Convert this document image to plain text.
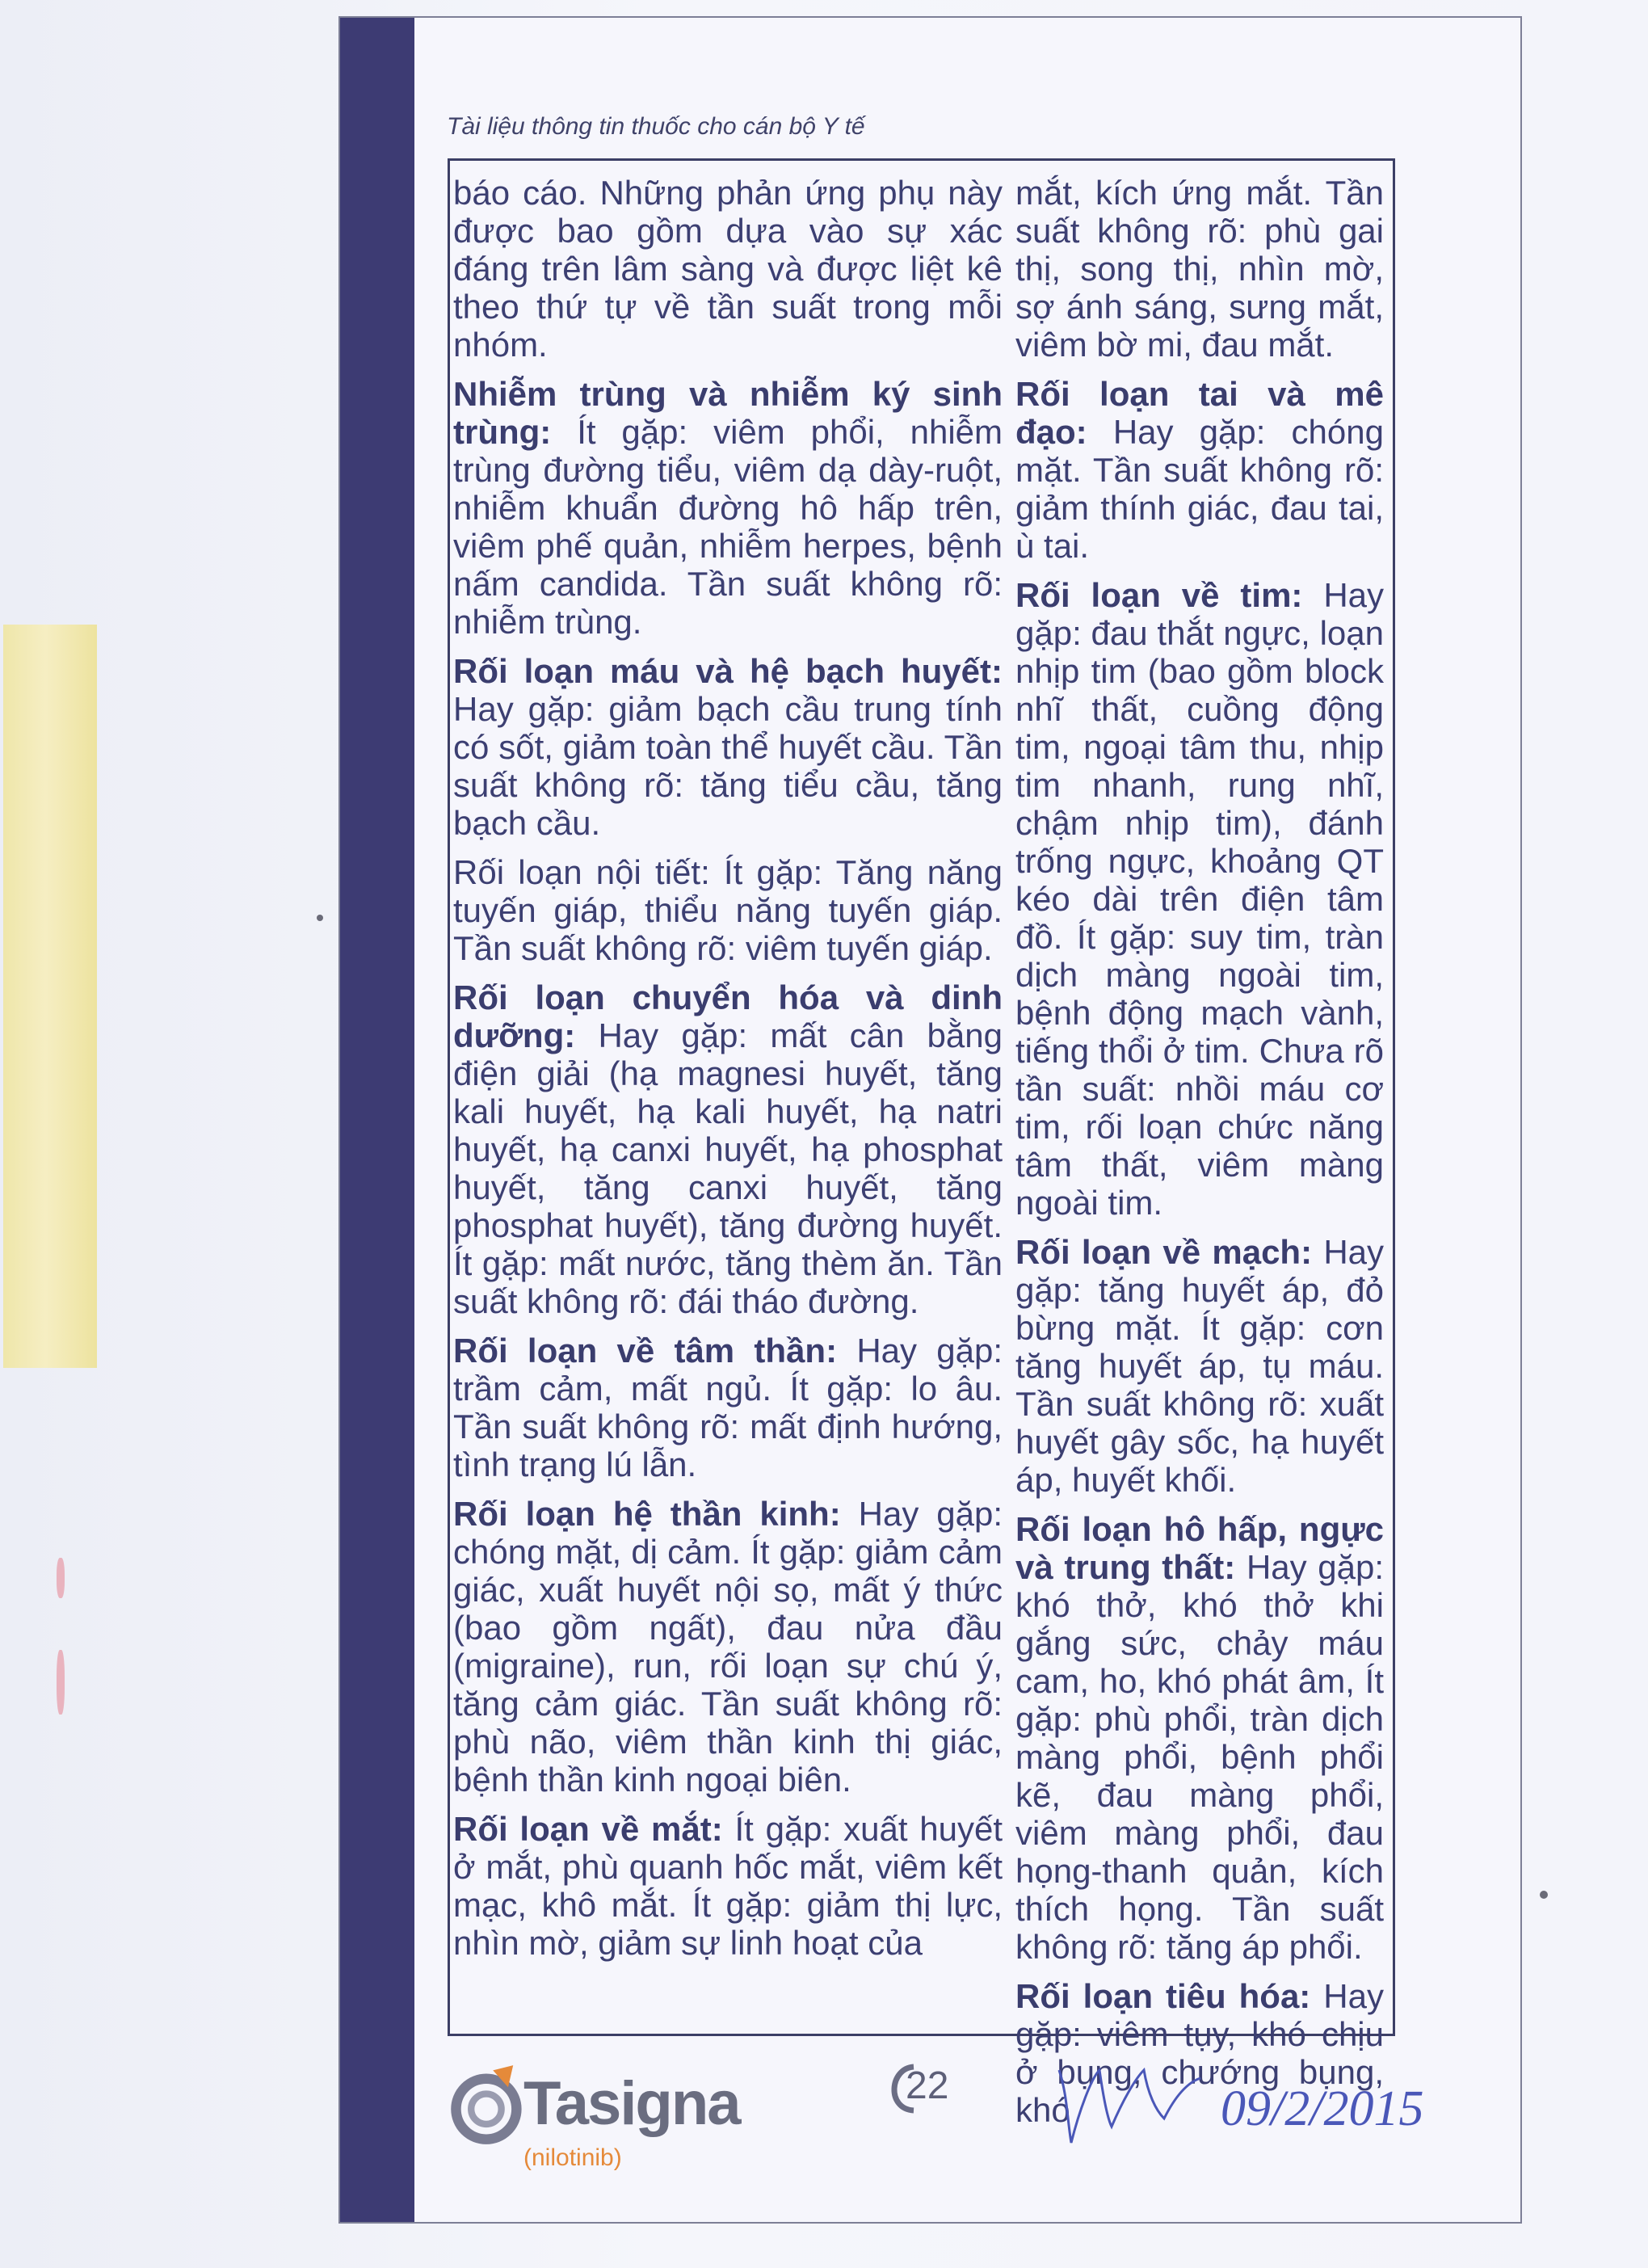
Tài liệu thông tin thuốc cho cán bộ Y tế

báo cáo. Những phản ứng phụ này được bao gồm dựa vào sự xác đáng trên lâm sàng và được liệt kê theo thứ tự về tần suất trong mỗi nhóm.

Nhiễm trùng và nhiễm ký sinh trùng: Ít gặp: viêm phổi, nhiễm trùng đường tiểu, viêm dạ dày-ruột, nhiễm khuẩn đường hô hấp trên, viêm phế quản, nhiễm herpes, bệnh nấm candida. Tần suất không rõ: nhiễm trùng.

Rối loạn máu và hệ bạch huyết: Hay gặp: giảm bạch cầu trung tính có sốt, giảm toàn thể huyết cầu. Tần suất không rõ: tăng tiểu cầu, tăng bạch cầu.

Rối loạn nội tiết: Ít gặp: Tăng năng tuyến giáp, thiểu năng tuyến giáp. Tần suất không rõ: viêm tuyến giáp.

Rối loạn chuyển hóa và dinh dưỡng: Hay gặp: mất cân bằng điện giải (hạ magnesi huyết, tăng kali huyết, hạ kali huyết, hạ natri huyết, hạ canxi huyết, hạ phosphat huyết, tăng canxi huyết, tăng phosphat huyết), tăng đường huyết. Ít gặp: mất nước, tăng thèm ăn. Tần suất không rõ: đái tháo đường.

Rối loạn về tâm thần: Hay gặp: trầm cảm, mất ngủ. Ít gặp: lo âu. Tần suất không rõ: mất định hướng, tình trạng lú lẫn.

Rối loạn hệ thần kinh: Hay gặp: chóng mặt, dị cảm. Ít gặp: giảm cảm giác, xuất huyết nội sọ, mất ý thức (bao gồm ngất), đau nửa đầu (migraine), run, rối loạn sự chú ý, tăng cảm giác. Tần suất không rõ: phù não, viêm thần kinh thị giác, bệnh thần kinh ngoại biên.

Rối loạn về mắt: Ít gặp: xuất huyết ở mắt, phù quanh hốc mắt, viêm kết mạc, khô mắt. Ít gặp: giảm thị lực, nhìn mờ, giảm sự linh hoạt của

mắt, kích ứng mắt. Tần suất không rõ: phù gai thị, song thị, nhìn mờ, sợ ánh sáng, sưng mắt, viêm bờ mi, đau mắt.

Rối loạn tai và mê đạo: Hay gặp: chóng mặt. Tần suất không rõ: giảm thính giác, đau tai, ù tai.

Rối loạn về tim: Hay gặp: đau thắt ngực, loạn nhịp tim (bao gồm block nhĩ thất, cuồng động tim, ngoại tâm thu, nhịp tim nhanh, rung nhĩ, chậm nhịp tim), đánh trống ngực, khoảng QT kéo dài trên điện tâm đồ. Ít gặp: suy tim, tràn dịch màng ngoài tim, bệnh động mạch vành, tiếng thổi ở tim. Chưa rõ tần suất: nhồi máu cơ tim, rối loạn chức năng tâm thất, viêm màng ngoài tim.

Rối loạn về mạch: Hay gặp: tăng huyết áp, đỏ bừng mặt. Ít gặp: cơn tăng huyết áp, tụ máu. Tần suất không rõ: xuất huyết gây sốc, hạ huyết áp, huyết khối.

Rối loạn hô hấp, ngực và trung thất: Hay gặp: khó thở, khó thở khi gắng sức, chảy máu cam, ho, khó phát âm, Ít gặp: phù phổi, tràn dịch màng phổi, bệnh phổi kẽ, đau màng phổi, viêm màng phổi, đau họng-thanh quản, kích thích họng. Tần suất không rõ: tăng áp phổi.

Rối loạn tiêu hóa: Hay gặp: viêm tụy, khó chịu ở bụng, chướng bụng, khó

Tasigna
(nilotinib)
22	09/2/2015
